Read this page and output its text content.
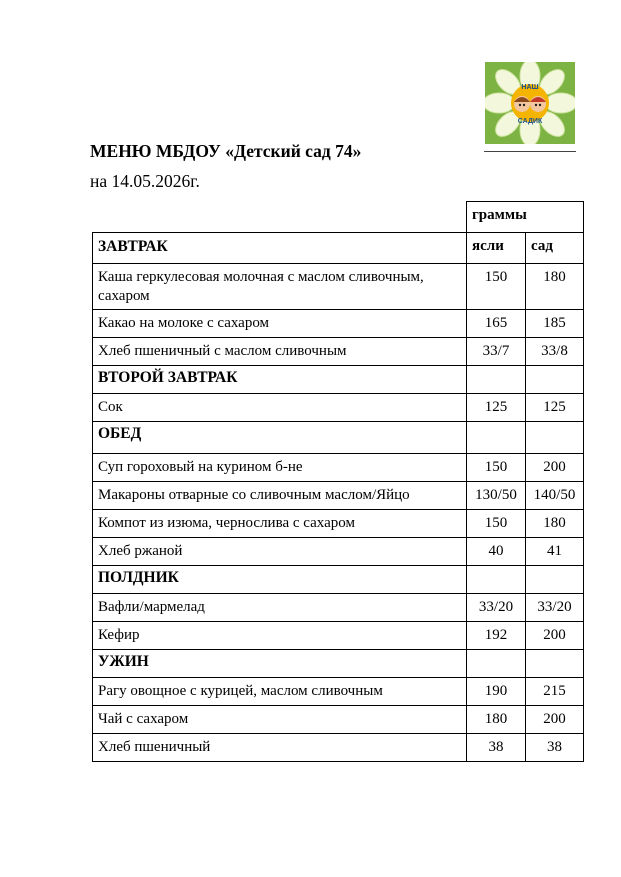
НАШ
САДИК
МЕНЮ МБДОУ «Детский сад 74»
на 14.05.2026г.
	граммы	
ЗАВТРАК	ясли	сад
Каша геркулесовая молочная с маслом сливочным, сахаром	150	180
Какао на молоке с сахаром	165	185
Хлеб пшеничный с маслом сливочным	33/7	33/8
ВТОРОЙ ЗАВТРАК		
Сок	125	125
ОБЕД		
Суп гороховый на курином б-не	150	200
Макароны отварные со сливочным маслом/Яйцо	130/50	140/50
Компот из изюма, чернослива с сахаром	150	180
Хлеб ржаной	40	41
ПОЛДНИК		
Вафли/мармелад	33/20	33/20
Кефир	192	200
УЖИН		
Рагу овощное с курицей, маслом сливочным	190	215
Чай с сахаром	180	200
Хлеб пшеничный	38	38
